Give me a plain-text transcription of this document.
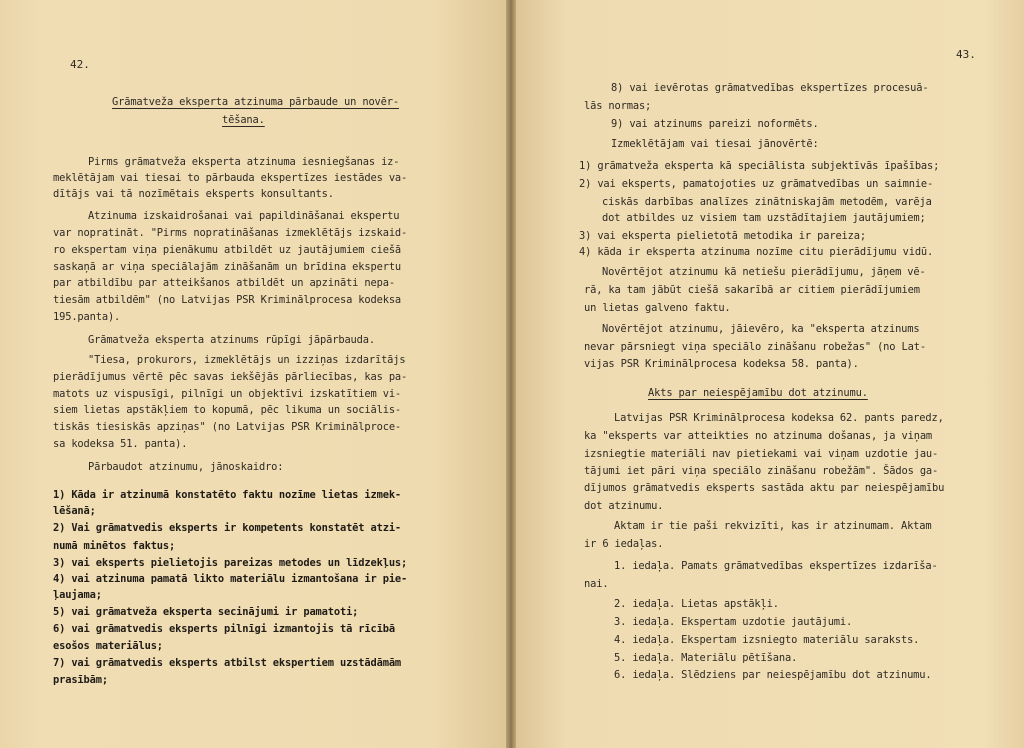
42.
Grāmatveža eksperta atzinuma pārbaude un novēr-
tēšana.
Pirms grāmatveža eksperta atzinuma iesniegšanas iz-
meklētājam vai tiesai to pārbauda ekspertīzes iestādes va-
dītājs vai tā nozīmētais eksperts konsultants.
Atzinuma izskaidrošanai vai papildināšanai ekspertu
var nopratināt. "Pirms nopratināšanas izmeklētājs izskaid-
ro ekspertam viņa pienākumu atbildēt uz jautājumiem ciešā
saskaņā ar viņa speciālajām zināšanām un brīdina ekspertu
par atbildību par atteikšanos atbildēt un apzināti nepa-
tiesām atbildēm" (no Latvijas PSR Kriminālprocesa kodeksa
195.panta).
Grāmatveža eksperta atzinums rūpīgi jāpārbauda.
"Tiesa, prokurors, izmeklētājs un izziņas izdarītājs
pierādījumus vērtē pēc savas iekšējās pārliecības, kas pa-
matots uz vispusīgi, pilnīgi un objektīvi izskatītiem vi-
siem lietas apstākļiem to kopumā, pēc likuma un sociālis-
tiskās tiesiskās apziņas" (no Latvijas PSR Kriminālproce-
sa kodeksa 51. panta).
Pārbaudot atzinumu, jānoskaidro:
1) Kāda ir atzinumā konstatēto faktu nozīme lietas izmek-
lēšanā;
2) Vai grāmatvedis eksperts ir kompetents konstatēt atzi-
numā minētos faktus;
3) vai eksperts pielietojis pareizas metodes un līdzekļus;
4) vai atzinuma pamatā likto materiālu izmantošana ir pie-
ļaujama;
5) vai grāmatveža eksperta secinājumi ir pamatoti;
6) vai grāmatvedis eksperts pilnīgi izmantojis tā rīcībā
esošos materiālus;
7) vai grāmatvedis eksperts atbilst ekspertiem uzstādāmām
prasībām;
43.
8) vai ievērotas grāmatvedības ekspertīzes procesuā-
lās normas;
9) vai atzinums pareizi noformēts.
Izmeklētājam vai tiesai jānovērtē:
1) grāmatveža eksperta kā speciālista subjektīvās īpašības;
2) vai eksperts, pamatojoties uz grāmatvedības un saimnie-
ciskās darbības analīzes zinātniskajām metodēm, varēja
dot atbildes uz visiem tam uzstādītajiem jautājumiem;
3) vai eksperta pielietotā metodika ir pareiza;
4) kāda ir eksperta atzinuma nozīme citu pierādījumu vidū.
Novērtējot atzinumu kā netiešu pierādījumu, jāņem vē-
rā, ka tam jābūt ciešā sakarībā ar citiem pierādījumiem
un lietas galveno faktu.
Novērtējot atzinumu, jāievēro, ka "eksperta atzinums
nevar pārsniegt viņa speciālo zināšanu robežas" (no Lat-
vijas PSR Kriminālprocesa kodeksa 58. panta).
Akts par neiespējamību dot atzinumu.
Latvijas PSR Kriminālprocesa kodeksa 62. pants paredz,
ka "eksperts var atteikties no atzinuma došanas, ja viņam
izsniegtie materiāli nav pietiekami vai viņam uzdotie jau-
tājumi iet pāri viņa speciālo zināšanu robežām". Šādos ga-
dījumos grāmatvedis eksperts sastāda aktu par neiespējamību
dot atzinumu.
Aktam ir tie paši rekvizīti, kas ir atzinumam. Aktam
ir 6 iedaļas.
1. iedaļa. Pamats grāmatvedības ekspertīzes izdarīša-
nai.
2. iedaļa. Lietas apstākļi.
3. iedaļa. Ekspertam uzdotie jautājumi.
4. iedaļa. Ekspertam izsniegto materiālu saraksts.
5. iedaļa. Materiālu pētīšana.
6. iedaļa. Slēdziens par neiespējamību dot atzinumu.
